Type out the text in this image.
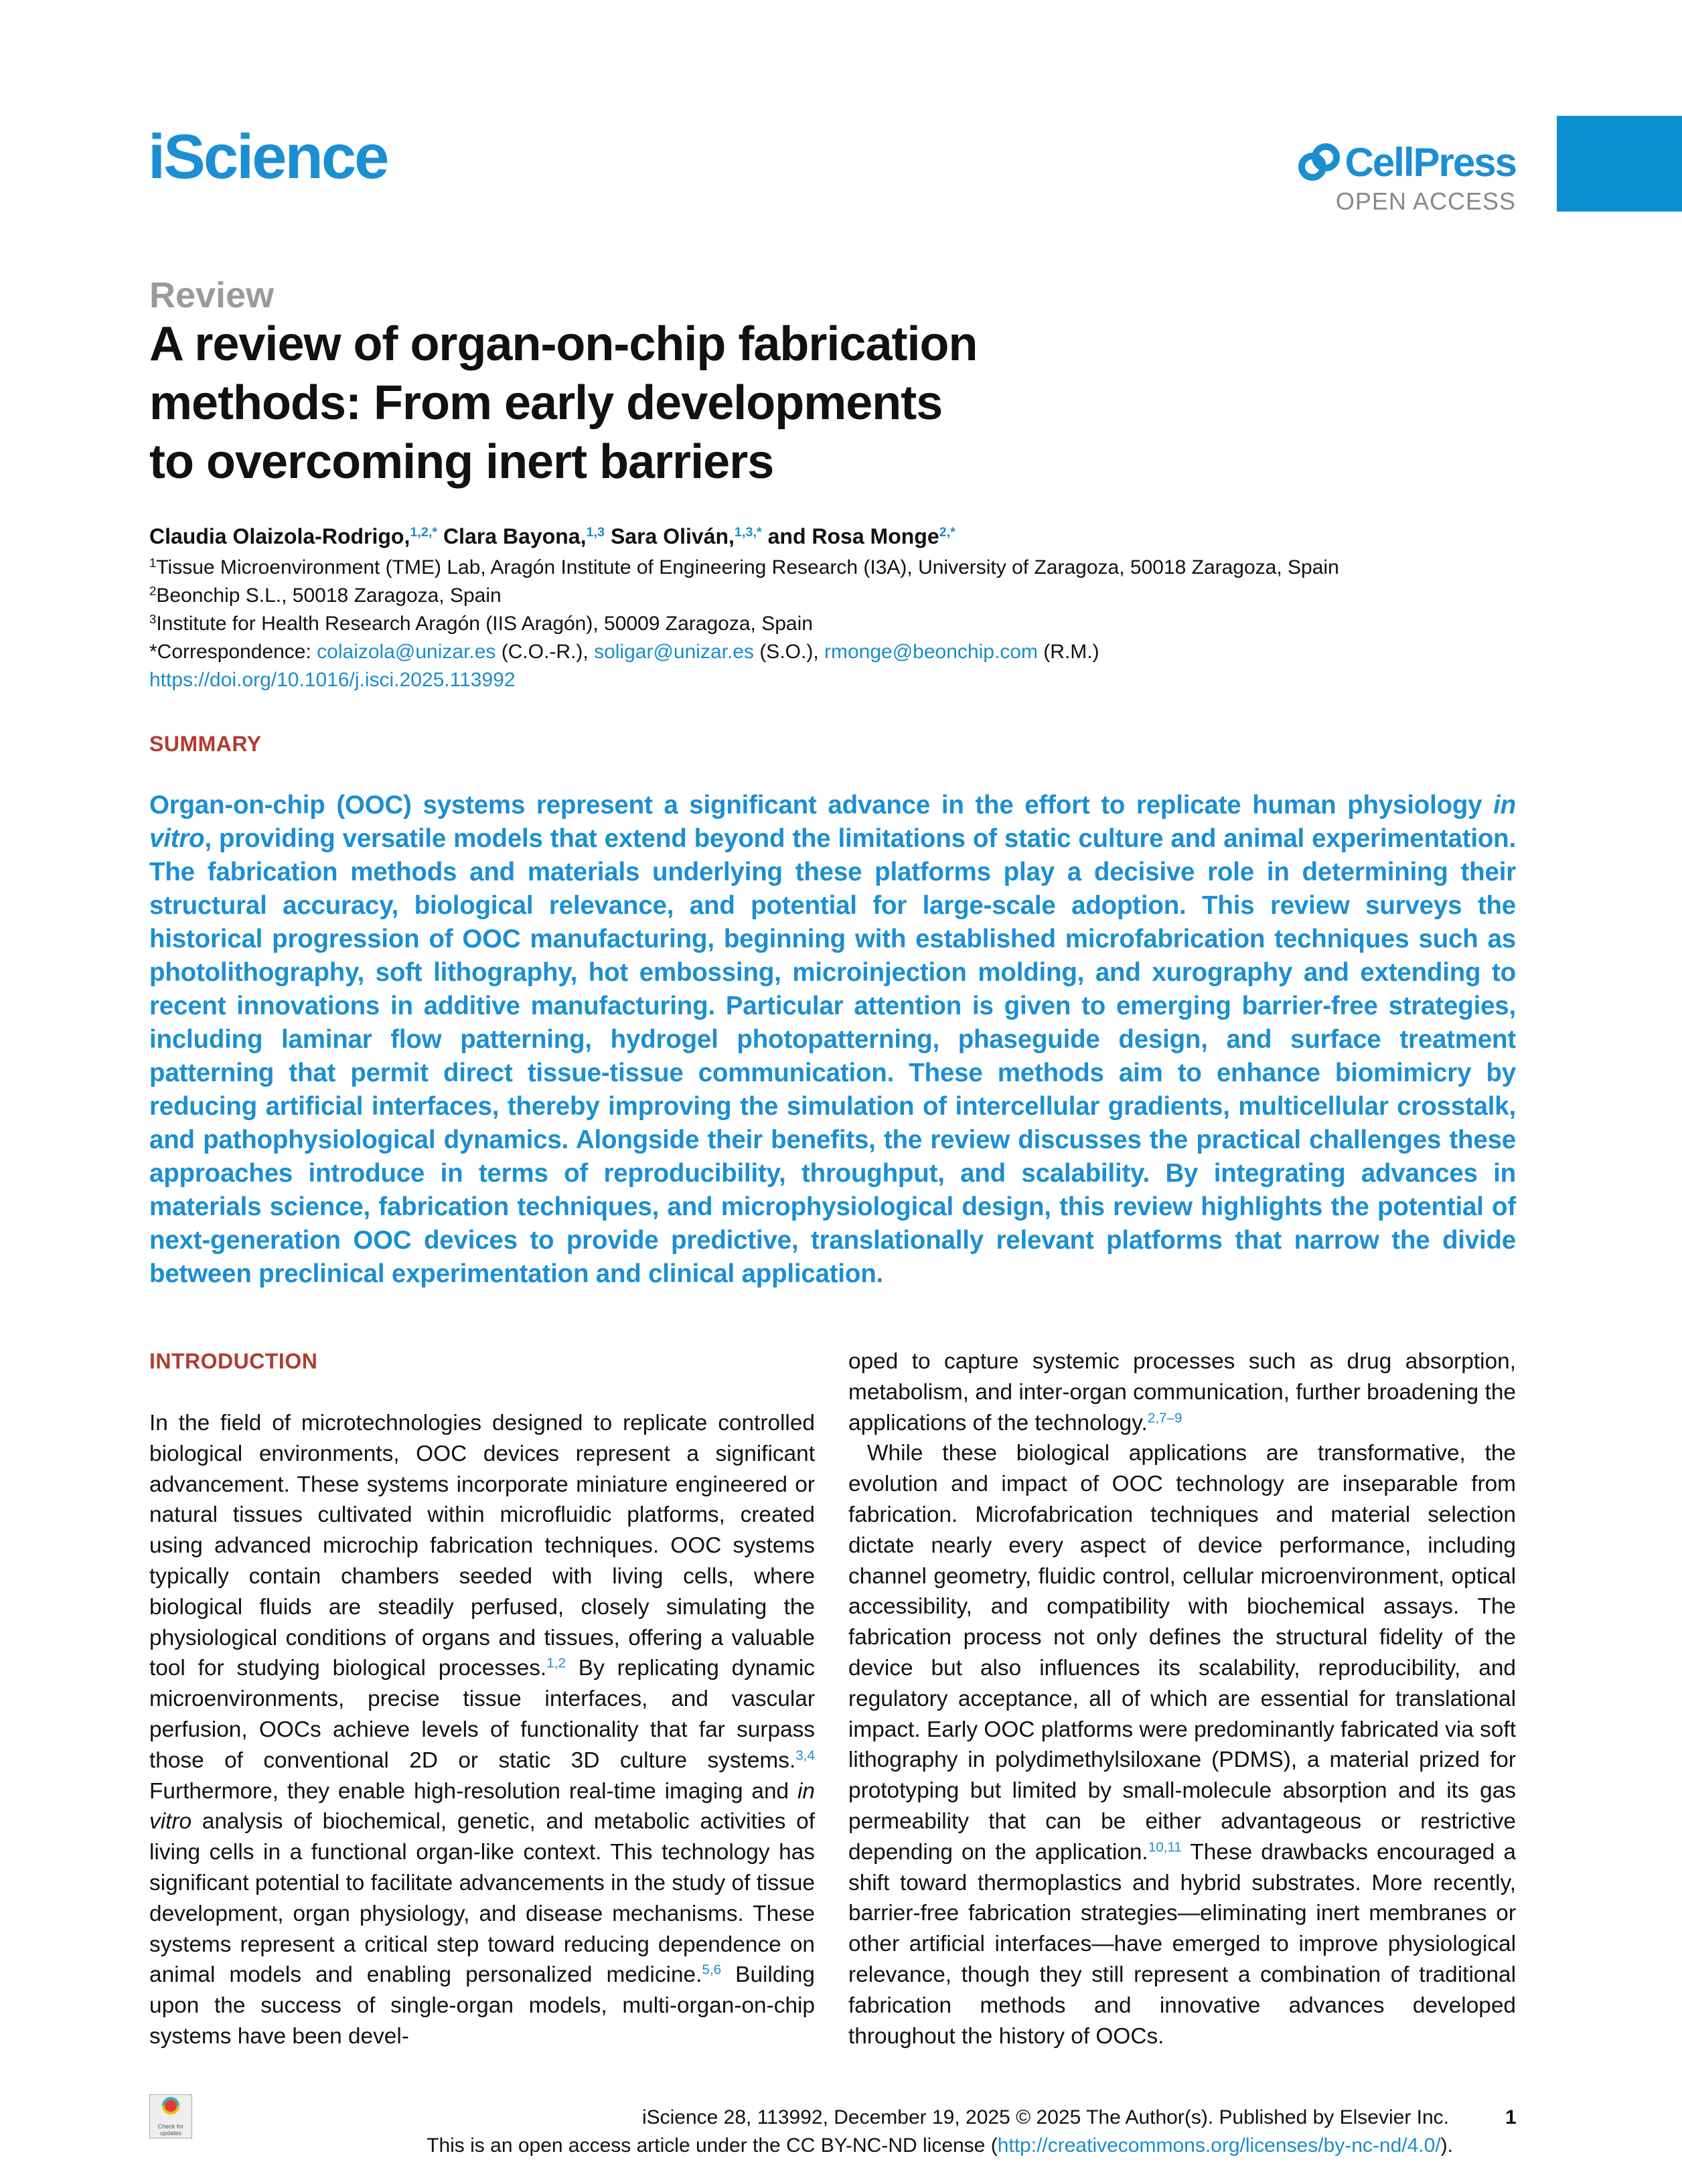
iScience	CellPress
OPEN ACCESS
Review
A review of organ-on-chip fabrication
methods: From early developments
to overcoming inert barriers
Claudia Olaizola-Rodrigo,$^{1,2,*}$ Clara Bayona,$^{1,3}$ Sara Oliván,$^{1,3,*}$ and Rosa Monge$^{2,*}$
$^1$Tissue Microenvironment (TME) Lab, Aragón Institute of Engineering Research (I3A), University of Zaragoza, 50018 Zaragoza, Spain
$^2$Beonchip S.L., 50018 Zaragoza, Spain
$^3$Institute for Health Research Aragón (IIS Aragón), 50009 Zaragoza, Spain
*Correspondence: colaizola@unizar.es (C.O.-R.), soligar@unizar.es (S.O.), rmonge@beonchip.com (R.M.)
https://doi.org/10.1016/j.isci.2025.113992
SUMMARY
Organ-on-chip (OOC) systems represent a significant advance in the effort to replicate human physiology in vitro, providing versatile models that extend beyond the limitations of static culture and animal experimentation. The fabrication methods and materials underlying these platforms play a decisive role in determining their structural accuracy, biological relevance, and potential for large-scale adoption. This review surveys the historical progression of OOC manufacturing, beginning with established microfabrication techniques such as photolithography, soft lithography, hot embossing, microinjection molding, and xurography and extending to recent innovations in additive manufacturing. Particular attention is given to emerging barrier-free strategies, including laminar flow patterning, hydrogel photopatterning, phaseguide design, and surface treatment patterning that permit direct tissue-tissue communication. These methods aim to enhance biomimicry by reducing artificial interfaces, thereby improving the simulation of intercellular gradients, multicellular crosstalk, and pathophysiological dynamics. Alongside their benefits, the review discusses the practical challenges these approaches introduce in terms of reproducibility, throughput, and scalability. By integrating advances in materials science, fabrication techniques, and microphysiological design, this review highlights the potential of next-generation OOC devices to provide predictive, translationally relevant platforms that narrow the divide between preclinical experimentation and clinical application.
INTRODUCTION
In the field of microtechnologies designed to replicate controlled biological environments, OOC devices represent a significant advancement. These systems incorporate miniature engineered or natural tissues cultivated within microfluidic platforms, created using advanced microchip fabrication techniques. OOC systems typically contain chambers seeded with living cells, where biological fluids are steadily perfused, closely simulating the physiological conditions of organs and tissues, offering a valuable tool for studying biological processes.$^{1,2}$ By replicating dynamic microenvironments, precise tissue interfaces, and vascular perfusion, OOCs achieve levels of functionality that far surpass those of conventional 2D or static 3D culture systems.$^{3,4}$ Furthermore, they enable high-resolution real-time imaging and in vitro analysis of biochemical, genetic, and metabolic activities of living cells in a functional organ-like context. This technology has significant potential to facilitate advancements in the study of tissue development, organ physiology, and disease mechanisms. These systems represent a critical step toward reducing dependence on animal models and enabling personalized medicine.$^{5,6}$ Building upon the success of single-organ models, multi-organ-on-chip systems have been devel-

oped to capture systemic processes such as drug absorption, metabolism, and inter-organ communication, further broadening the applications of the technology.$^{2,7-9}$

While these biological applications are transformative, the evolution and impact of OOC technology are inseparable from fabrication. Microfabrication techniques and material selection dictate nearly every aspect of device performance, including channel geometry, fluidic control, cellular microenvironment, optical accessibility, and compatibility with biochemical assays. The fabrication process not only defines the structural fidelity of the device but also influences its scalability, reproducibility, and regulatory acceptance, all of which are essential for translational impact. Early OOC platforms were predominantly fabricated via soft lithography in polydimethylsiloxane (PDMS), a material prized for prototyping but limited by small-molecule absorption and its gas permeability that can be either advantageous or restrictive depending on the application.$^{10,11}$ These drawbacks encouraged a shift toward thermoplastics and hybrid substrates. More recently, barrier-free fabrication strategies—eliminating inert membranes or other artificial interfaces—have emerged to improve physiological relevance, though they still represent a combination of traditional fabrication methods and innovative advances developed throughout the history of OOCs.

Check for updates
iScience 28, 113992, December 19, 2025 © 2025 The Author(s). Published by Elsevier Inc.	1
This is an open access article under the CC BY-NC-ND license (http://creativecommons.org/licenses/by-nc-nd/4.0/).
